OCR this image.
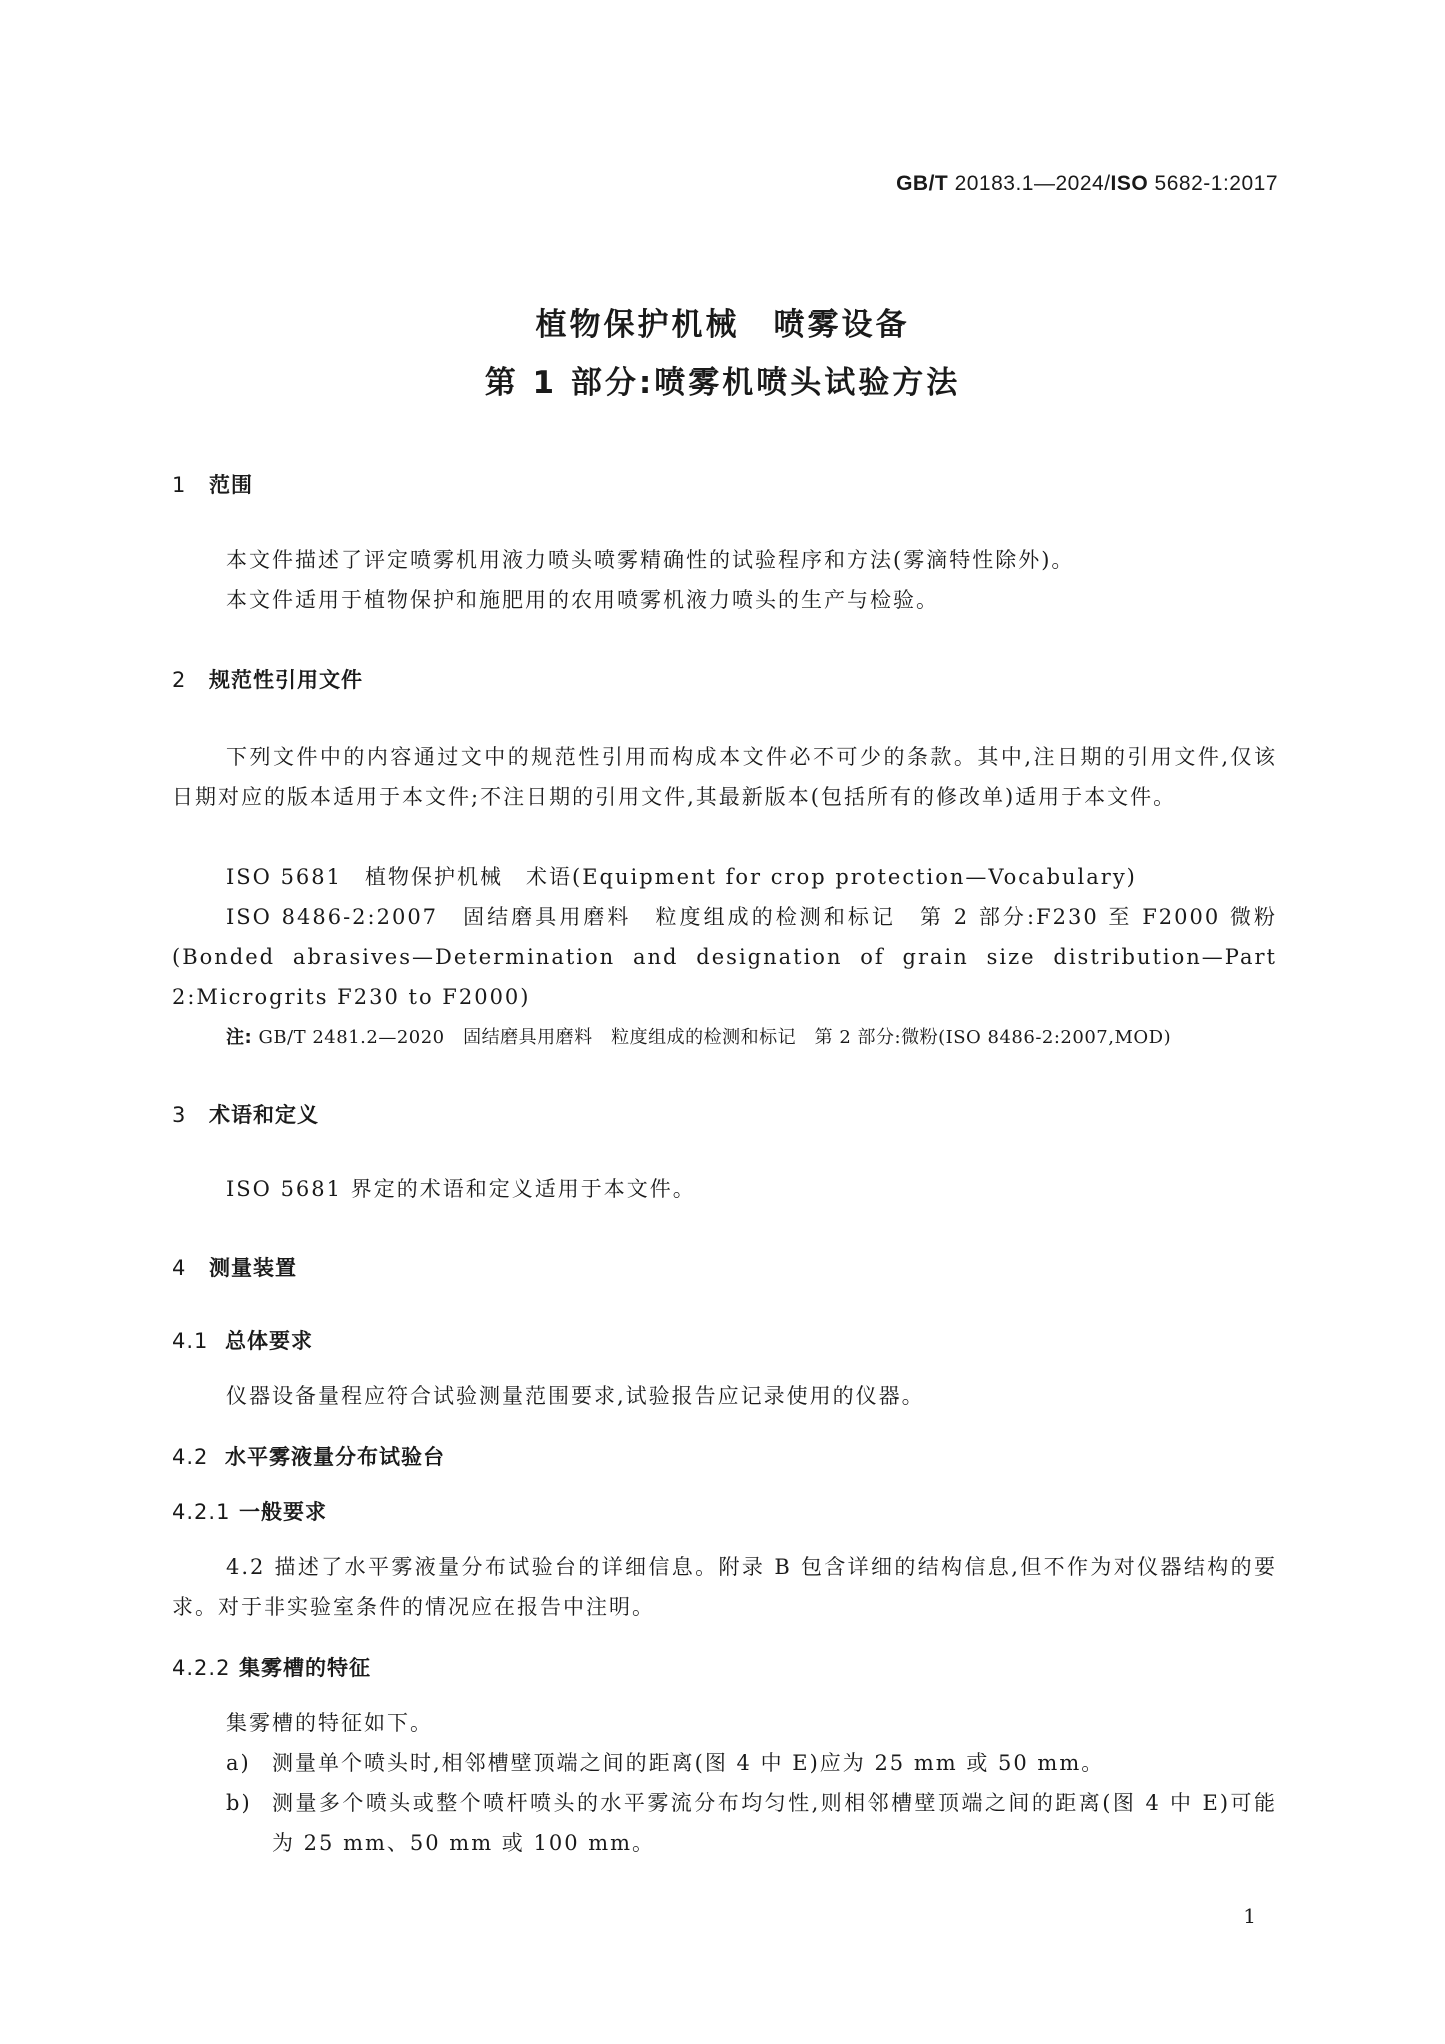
GB/T 20183.1—2024/ISO 5682-1:2017
植物保护机械　喷雾设备
第 1 部分:喷雾机喷头试验方法
1 范围
本文件描述了评定喷雾机用液力喷头喷雾精确性的试验程序和方法(雾滴特性除外)。
本文件适用于植物保护和施肥用的农用喷雾机液力喷头的生产与检验。
2 规范性引用文件
下列文件中的内容通过文中的规范性引用而构成本文件必不可少的条款。其中,注日期的引用文件,仅该日期对应的版本适用于本文件;不注日期的引用文件,其最新版本(包括所有的修改单)适用于本文件。
ISO 5681　植物保护机械　术语(Equipment for crop protection—Vocabulary)
ISO 8486-2:2007　固结磨具用磨料　粒度组成的检测和标记　第 2 部分:F230 至 F2000 微粉(Bonded abrasives—Determination and designation of grain size distribution—Part 2:Microgrits F230 to F2000)
注: GB/T 2481.2—2020　固结磨具用磨料　粒度组成的检测和标记　第 2 部分:微粉(ISO 8486-2:2007,MOD)
3 术语和定义
ISO 5681 界定的术语和定义适用于本文件。
4 测量装置
4.1 总体要求
仪器设备量程应符合试验测量范围要求,试验报告应记录使用的仪器。
4.2 水平雾液量分布试验台
4.2.1 一般要求
4.2 描述了水平雾液量分布试验台的详细信息。附录 B 包含详细的结构信息,但不作为对仪器结构的要求。对于非实验室条件的情况应在报告中注明。
4.2.2 集雾槽的特征
集雾槽的特征如下。
a) 测量单个喷头时,相邻槽壁顶端之间的距离(图 4 中 E)应为 25 mm 或 50 mm。
b) 测量多个喷头或整个喷杆喷头的水平雾流分布均匀性,则相邻槽壁顶端之间的距离(图 4 中 E)可能为 25 mm、50 mm 或 100 mm。
1
